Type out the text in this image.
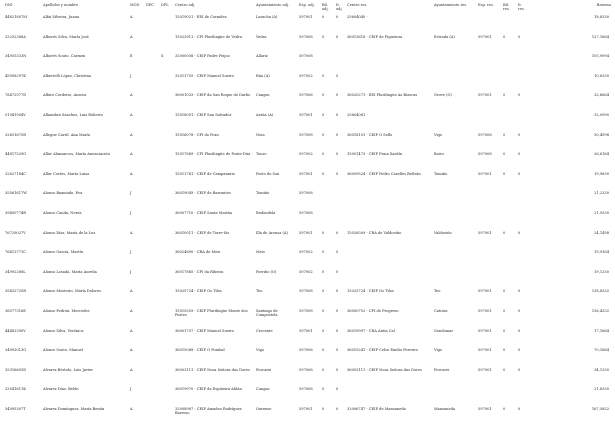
DNI	Apellidos y nombre	MOD	DPC	DPL	Centro adj.	Ayuntamiento adj.	Esp. adj.	Bil. adj.	It. adj.	Centro res.	Ayuntamiento res.	Esp. res.	Bil. res.	It. res.	Baremo
44821807M	Alfaí Silveira, Juana	A			15019021 - EEI de Cornides	Laracha (A)	597001	0	0	25604040 -					18,8330
33252368A	Alborés Silva, María José	A			15023911 - CPI Plurilingüe de Vedra	Vedra	597008	0	0	36013618 - CEIP de Figueiroa	Estrada (A)	597001	0	0	127,1664
34955333N	Alborés Souto, Carmen	E		S	32000058 - CEIP Padre Feijoo	Allariz	597008								105,9994
45908397K	Albertelli López, Christina	J			32011755 - CEIP Manuel Sueiro	Rúa (A)	597002	0	0						10,8330
78472977D	Alfaro Cordeiro, Aurora	A			36001033 - CEIP da San Roque de Darbo	Cangas	597006	0	0	36020271 - EEI Plurilingüe As Bizocas	Grove (O)	597001	0	0	32,6664
51941904V	Alhambra Sanchez, Luis Roberto	A			15018091 - CEIP San Salvador	Arzúa (A)	597001	0	0	25604081 -					32,0990
32651675R	Allegue Carril, Ana María	A			15016078 - CPI do Foxo	Noia	597008	0	0	36018101 - CEIP O Sello	Vigo	597008	0	0	30,4998
44817529G	Allur Alanzarcos, María Anunciación	A			15017889 - CPI Plurilingüe de Ponte-Dúa	Touro	597002	0	0	15001473 - CEIP Praia Xardín	Boiro	597008	0	0	26,6164
32827184C	Allur Cortes, María Luisa	A			15011761 - CEIP de Campanario	Porto do Son	597001	0	0	36009524 - CEIP Pedro Caselles Beltrán	Tomiño	597001	0	0	19,9830
35561617W	Alonso Baamade, Eva	J			36019049 - CEIP de Barrantes	Tomiño	597008								21,2330
39450774R	Alonso Canda, Nerea	J			36007710 - CEIP Santa Mariña	Redondela	597008								21,9330
76729027V	Alonso Díaz, María de la Luz	A			36010011 - CEIP de Torre-Sis	Illa de Arousa (A)	597001	0	0	15026509 - CRA de Valdoviño	Valdoviño	597001	0	0	24,1498
76413771C	Alonso García, Martín	J			36024690 - CRA de Meis	Meis	597002	0	0						19,9164
34992288L	Alonso Losada, María Aurelia	J			36017885 - CPI da Ribeira	Porriño (O)	597002	0	0						19,1330
35432720R	Alonso Mosteiro, María Dolores	A			15025724 - CEIP Os Tilos	Teo	597008	0	0	15025724 - CEIP Os Tilos	Teo	597001	0	0	138,8332
36077316E	Alonso Pedrón, Mercedes	A			15015559 - CEIP Plurilingüe Monte dos Postes	Santiago de Compostela	597008	0	0	36000752 - CPI de Progreso	Catoira	597001	0	0	136,4332
44482390V	Alonso Silva, Verónica	A			36001707 - CEIP Manuel Sueiro	Crecente	597001	0	0	36019997 - CRA Antia Cal	Gondomar	597001	0	0	17,1664
34992013G	Alonso Souto, Manuel	A			36015068 - CEIP O Pombal	Vigo	597006	0	0	36015241 - CEIP Celso Emilio Ferreiro	Vigo	597001	0	0	70,1664
35316693D	Álvarez Bértolo, Luis Javier	A			36003111 - CEIP Nosa Señora das Dores	Forcarei	597008	0	0	36003111 - CEIP Nosa Señora das Dores	Forcarei	597001	0	0	34,1330
33541611K	Álvarez Díaz, Belén	J			36019970 - CEIP da Espiñeira-Aldán	Cangas	597008	0	0						21,8330
34995307T	Álvarez Domínguez, María Benita	A			32008987 - CEIP Amadeo Rodríguez Barroso	Ourense	597001	0	0	32006747 - CEIP de Manzaneda	Manzaneda	597001	0	0	167,5832
